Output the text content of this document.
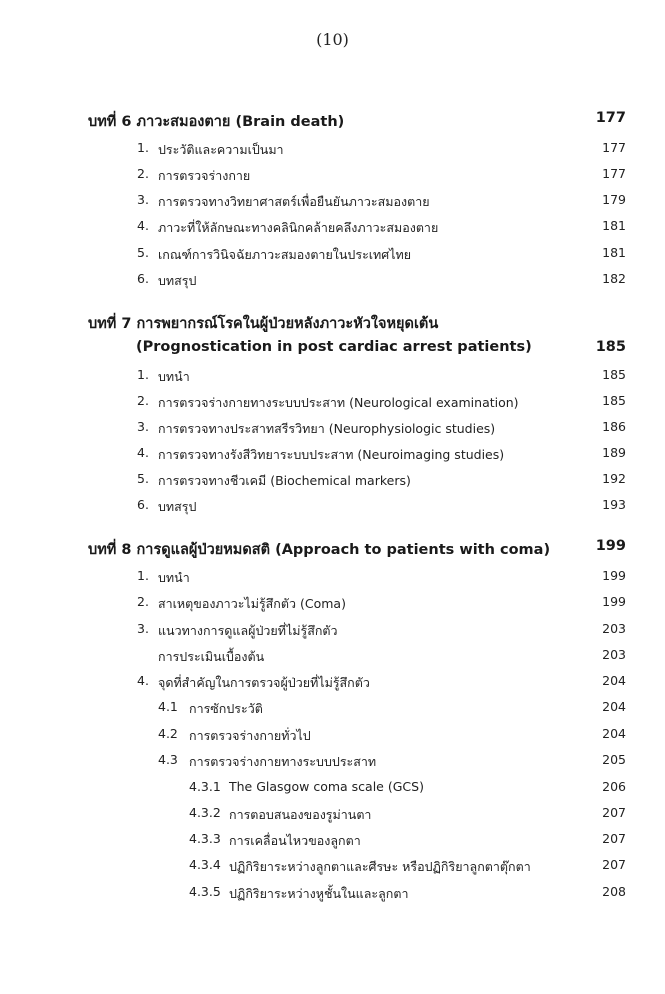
(10)
บทที่ 6 ภาวะสมองตาย (Brain death)	177
1. ประวัติและความเป็นมา	177
2. การตรวจร่างกาย	177
3. การตรวจทางวิทยาศาสตร์เพื่อยืนยันภาวะสมองตาย	179
4. ภาวะที่ให้ลักษณะทางคลินิกคล้ายคลึงภาวะสมองตาย	181
5. เกณฑ์การวินิจฉัยภาวะสมองตายในประเทศไทย	181
6. บทสรุป	182
บทที่ 7 การพยากรณ์โรคในผู้ป่วยหลังภาวะหัวใจหยุดเต้น
(Prognostication in post cardiac arrest patients)	185
1. บทนำ	185
2. การตรวจร่างกายทางระบบประสาท (Neurological examination)	185
3. การตรวจทางประสาทสรีรวิทยา (Neurophysiologic studies)	186
4. การตรวจทางรังสีวิทยาระบบประสาท (Neuroimaging studies)	189
5. การตรวจทางชีวเคมี (Biochemical markers)	192
6. บทสรุป	193
บทที่ 8 การดูแลผู้ป่วยหมดสติ (Approach to patients with coma)	199
1. บทนำ	199
2. สาเหตุของภาวะไม่รู้สึกตัว (Coma)	199
3. แนวทางการดูแลผู้ป่วยที่ไม่รู้สึกตัว	203
การประเมินเบื้องต้น	203
4. จุดที่สำคัญในการตรวจผู้ป่วยที่ไม่รู้สึกตัว	204
4.1 การซักประวัติ	204
4.2 การตรวจร่างกายทั่วไป	204
4.3 การตรวจร่างกายทางระบบประสาท	205
4.3.1 The Glasgow coma scale (GCS)	206
4.3.2 การตอบสนองของรูม่านตา	207
4.3.3 การเคลื่อนไหวของลูกตา	207
4.3.4 ปฏิกิริยาระหว่างลูกตาและศีรษะ หรือปฏิกิริยาลูกตาตุ๊กตา	207
4.3.5 ปฏิกิริยาระหว่างหูชั้นในและลูกตา	208
